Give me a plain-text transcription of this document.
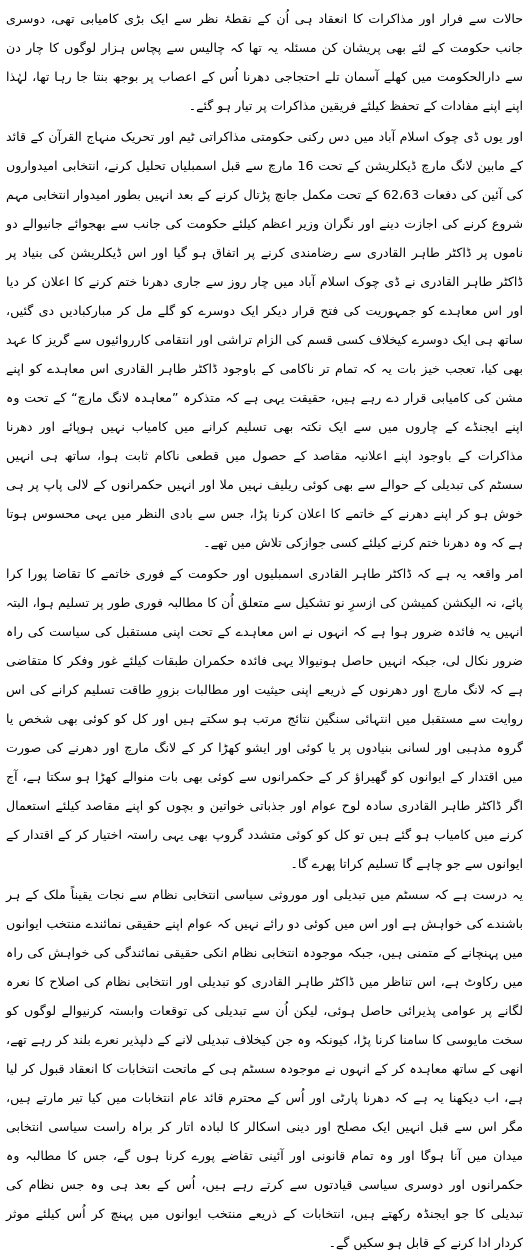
حالات سے فرار اور مذاکرات کا انعقاد ہی اُن کے نقطۂ نظر سے ایک بڑی کامیابی تھی، دوسری جانب حکومت کے لئے بھی پریشان کن مسئلہ یہ تھا کہ چالیس سے پچاس ہزار لوگوں کا چار دن سے دارالحکومت میں کھلے آسمان تلے احتجاجی دھرنا اُس کے اعصاب پر بوجھ بنتا جا رہا تھا، لہٰذا اپنے اپنے مفادات کے تحفظ کیلئے فریقین مذاکرات پر تیار ہو گئے۔

اور یوں ڈی چوک اسلام آباد میں دس رکنی حکومتی مذاکراتی ٹیم اور تحریک منہاج القرآن کے قائد کے مابین لانگ مارچ ڈیکلریشن کے تحت 16 مارچ سے قبل اسمبلیاں تحلیل کرنے، انتخابی امیدواروں کی آئین کی دفعات 62،63 کے تحت مکمل جانچ پڑتال کرنے کے بعد انہیں بطور امیدوار انتخابی مہم شروع کرنے کی اجازت دینے اور نگران وزیر اعظم کیلئے حکومت کی جانب سے بھجوائے جانیوالے دو ناموں پر ڈاکٹر طاہر القادری سے رضامندی کرنے پر اتفاق ہو گیا اور اس ڈیکلریشن کی بنیاد پر ڈاکٹر طاہر القادری نے ڈی چوک اسلام آباد میں چار روز سے جاری دھرنا ختم کرنے کا اعلان کر دیا اور اس معاہدے کو جمہوریت کی فتح قرار دیکر ایک دوسرے کو گلے مل کر مبارکبادیں دی گئیں، ساتھ ہی ایک دوسرے کیخلاف کسی قسم کی الزام تراشی اور انتقامی کارروائیوں سے گریز کا عہد بھی کیا، تعجب خیز بات یہ کہ تمام تر ناکامی کے باوجود ڈاکٹر طاہر القادری اس معاہدے کو اپنے مشن کی کامیابی قرار دے رہے ہیں، حقیقت یہی ہے کہ متذکرہ ”معاہدہ لانگ مارچ“ کے تحت وہ اپنے ایجنڈے کے چاروں میں سے ایک نکتہ بھی تسلیم کرانے میں کامیاب نہیں ہوپائے اور دھرنا مذاکرات کے باوجود اپنے اعلانیہ مقاصد کے حصول میں قطعی ناکام ثابت ہوا، ساتھ ہی انہیں سسٹم کی تبدیلی کے حوالے سے بھی کوئی ریلیف نہیں ملا اور انہیں حکمرانوں کے لالی پاپ پر ہی خوش ہو کر اپنے دھرنے کے خاتمے کا اعلان کرنا پڑا، جس سے بادی النظر میں یہی محسوس ہوتا ہے کہ وہ دھرنا ختم کرنے کیلئے کسی جوازکی تلاش میں تھے۔

امر واقعہ یہ ہے کہ ڈاکٹر طاہر القادری اسمبلیوں اور حکومت کے فوری خاتمے کا تقاضا پورا کرا پائے، نہ الیکشن کمیشن کی ازسرِ نو تشکیل سے متعلق اُن کا مطالبہ فوری طور پر تسلیم ہوا، البتہ انہیں یہ فائدہ ضرور ہوا ہے کہ انہوں نے اس معاہدے کے تحت اپنی مستقبل کی سیاست کی راہ ضرور نکال لی، جبکہ انہیں حاصل ہونیوالا یہی فائدہ حکمران طبقات کیلئے غور وفکر کا متقاضی ہے کہ لانگ مارچ اور دھرنوں کے ذریعے اپنی حیثیت اور مطالبات بزورِ طاقت تسلیم کرانے کی اس روایت سے مستقبل میں انتہائی سنگین نتائج مرتب ہو سکتے ہیں اور کل کو کوئی بھی شخص یا گروہ مذہبی اور لسانی بنیادوں پر یا کوئی اور ایشو کھڑا کر کے لانگ مارچ اور دھرنے کی صورت میں اقتدار کے ایوانوں کو گھیراؤ کر کے حکمرانوں سے کوئی بھی بات منوالے کھڑا ہو سکتا ہے، آج اگر ڈاکٹر طاہر القادری سادہ لوح عوام اور جذباتی خواتین و بچوں کو اپنے مقاصد کیلئے استعمال کرنے میں کامیاب ہو گئے ہیں تو کل کو کوئی متشدد گروپ بھی یہی راستہ اختیار کر کے اقتدار کے ایوانوں سے جو چاہے گا تسلیم کراتا پھرے گا۔

یہ درست ہے کہ سسٹم میں تبدیلی اور موروثی سیاسی انتخابی نظام سے نجات یقیناً ملک کے ہر باشندے کی خواہش ہے اور اس میں کوئی دو رائے نہیں کہ عوام اپنے حقیقی نمائندے منتخب ایوانوں میں پہنچانے کے متمنی ہیں، جبکہ موجودہ انتخابی نظام انکی حقیقی نمائندگی کی خواہش کی راہ میں رکاوٹ ہے، اس تناظر میں ڈاکٹر طاہر القادری کو تبدیلی اور انتخابی نظام کی اصلاح کا نعرہ لگانے پر عوامی پذیرائی حاصل ہوئی، لیکن اُن سے تبدیلی کی توقعات وابستہ کرنیوالے لوگوں کو سخت مایوسی کا سامنا کرنا پڑا، کیونکہ وہ جن کیخلاف تبدیلی لانے کے دلپذیر نعرے بلند کر رہے تھے، انھی کے ساتھ معاہدہ کر کے انہوں نے موجودہ سسٹم ہی کے ماتحت انتخابات کا انعقاد قبول کر لیا ہے، اب دیکھنا یہ ہے کہ دھرنا پارٹی اور اُس کے محترم قائد عام انتخابات میں کیا تیر مارتے ہیں، مگر اس سے قبل انہیں ایک مصلح اور دینی اسکالر کا لبادہ اتار کر براہ راست سیاسی انتخابی میدان میں آنا ہوگا اور وہ تمام قانونی اور آئینی تقاضے پورے کرنا ہوں گے، جس کا مطالبہ وہ حکمرانوں اور دوسری سیاسی قیادتوں سے کرتے رہے ہیں، اُس کے بعد ہی وہ جس نظام کی تبدیلی کا جو ایجنڈہ رکھتے ہیں، انتخابات کے ذریعے منتخب ایوانوں میں پہنچ کر اُس کیلئے موثر کردار ادا کرنے کے قابل ہو سکیں گے۔
